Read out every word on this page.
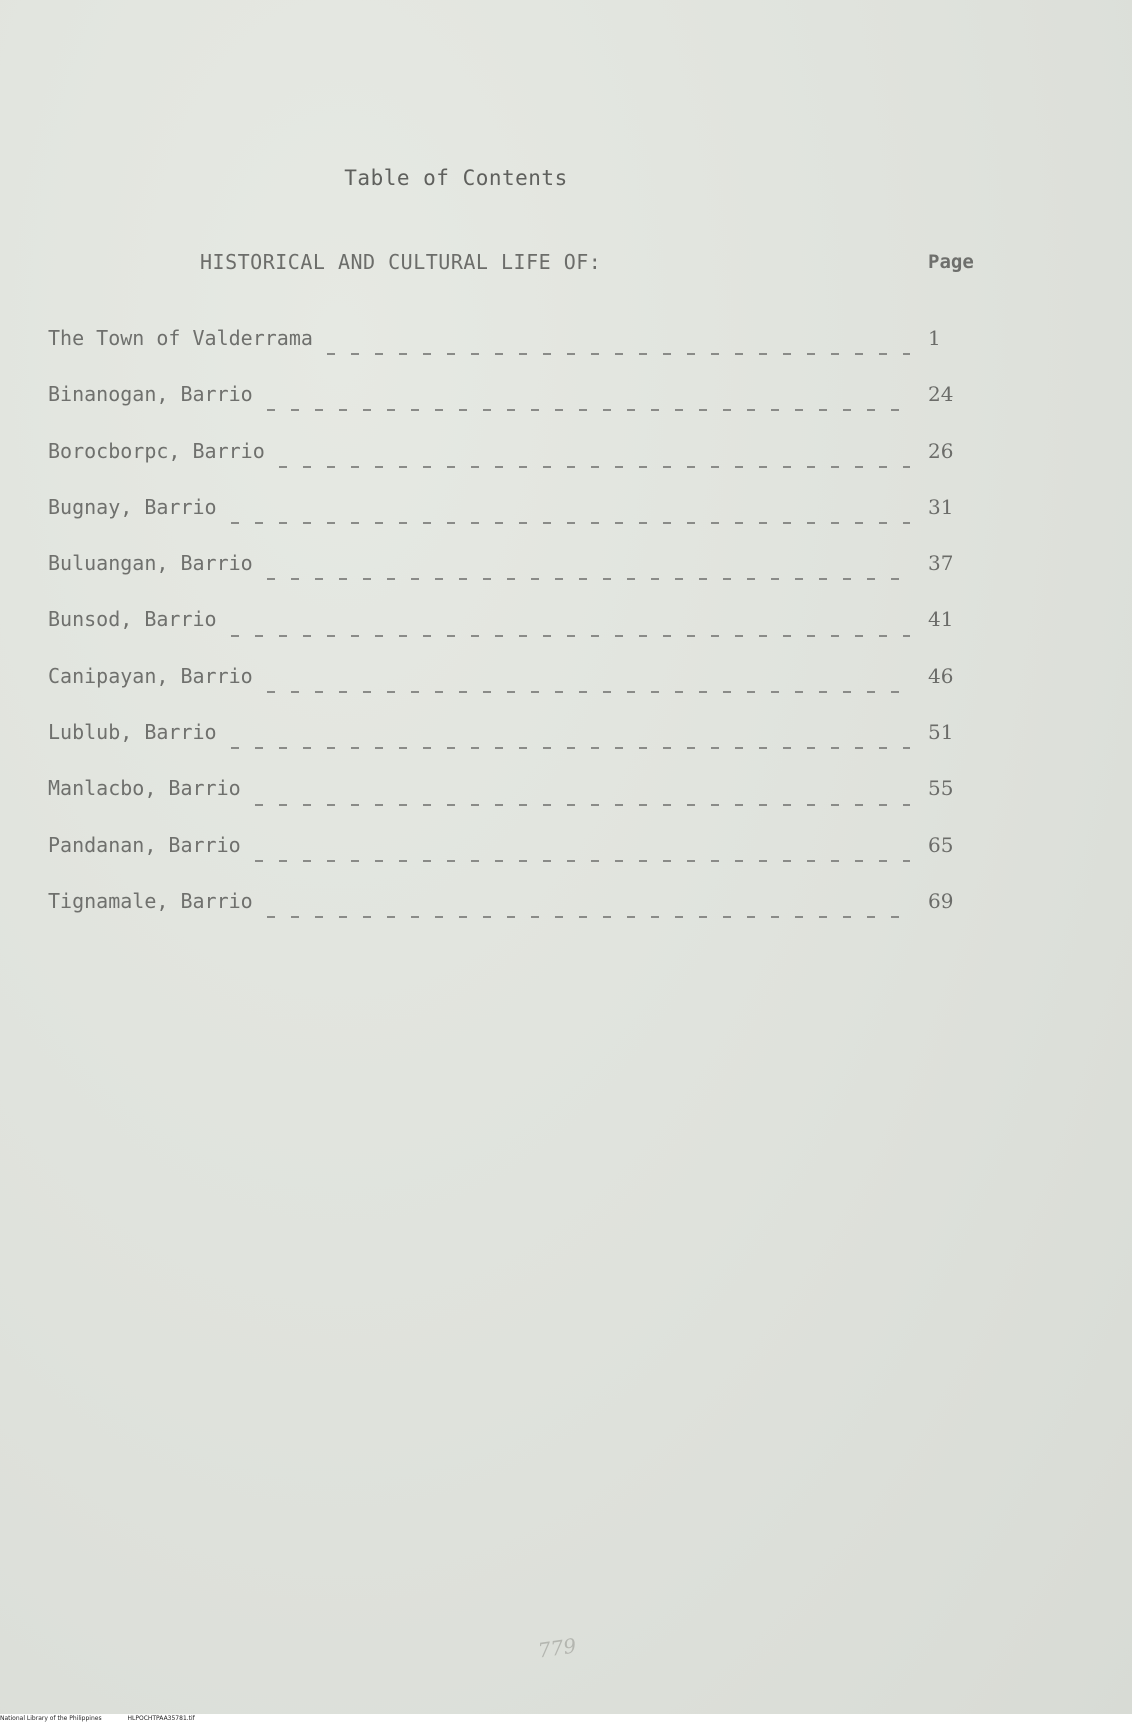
Table of Contents
HISTORICAL AND CULTURAL LIFE OF:	Page
The Town of Valderrama	1
Binanogan, Barrio	24
Borocborpc, Barrio	26
Bugnay, Barrio	31
Buluangan, Barrio	37
Bunsod, Barrio	41
Canipayan, Barrio	46
Lublub, Barrio	51
Manlacbo, Barrio	55
Pandanan, Barrio	65
Tignamale, Barrio	69
779
National Library of the Philippines	HLPOCHTPAA35781.tif
